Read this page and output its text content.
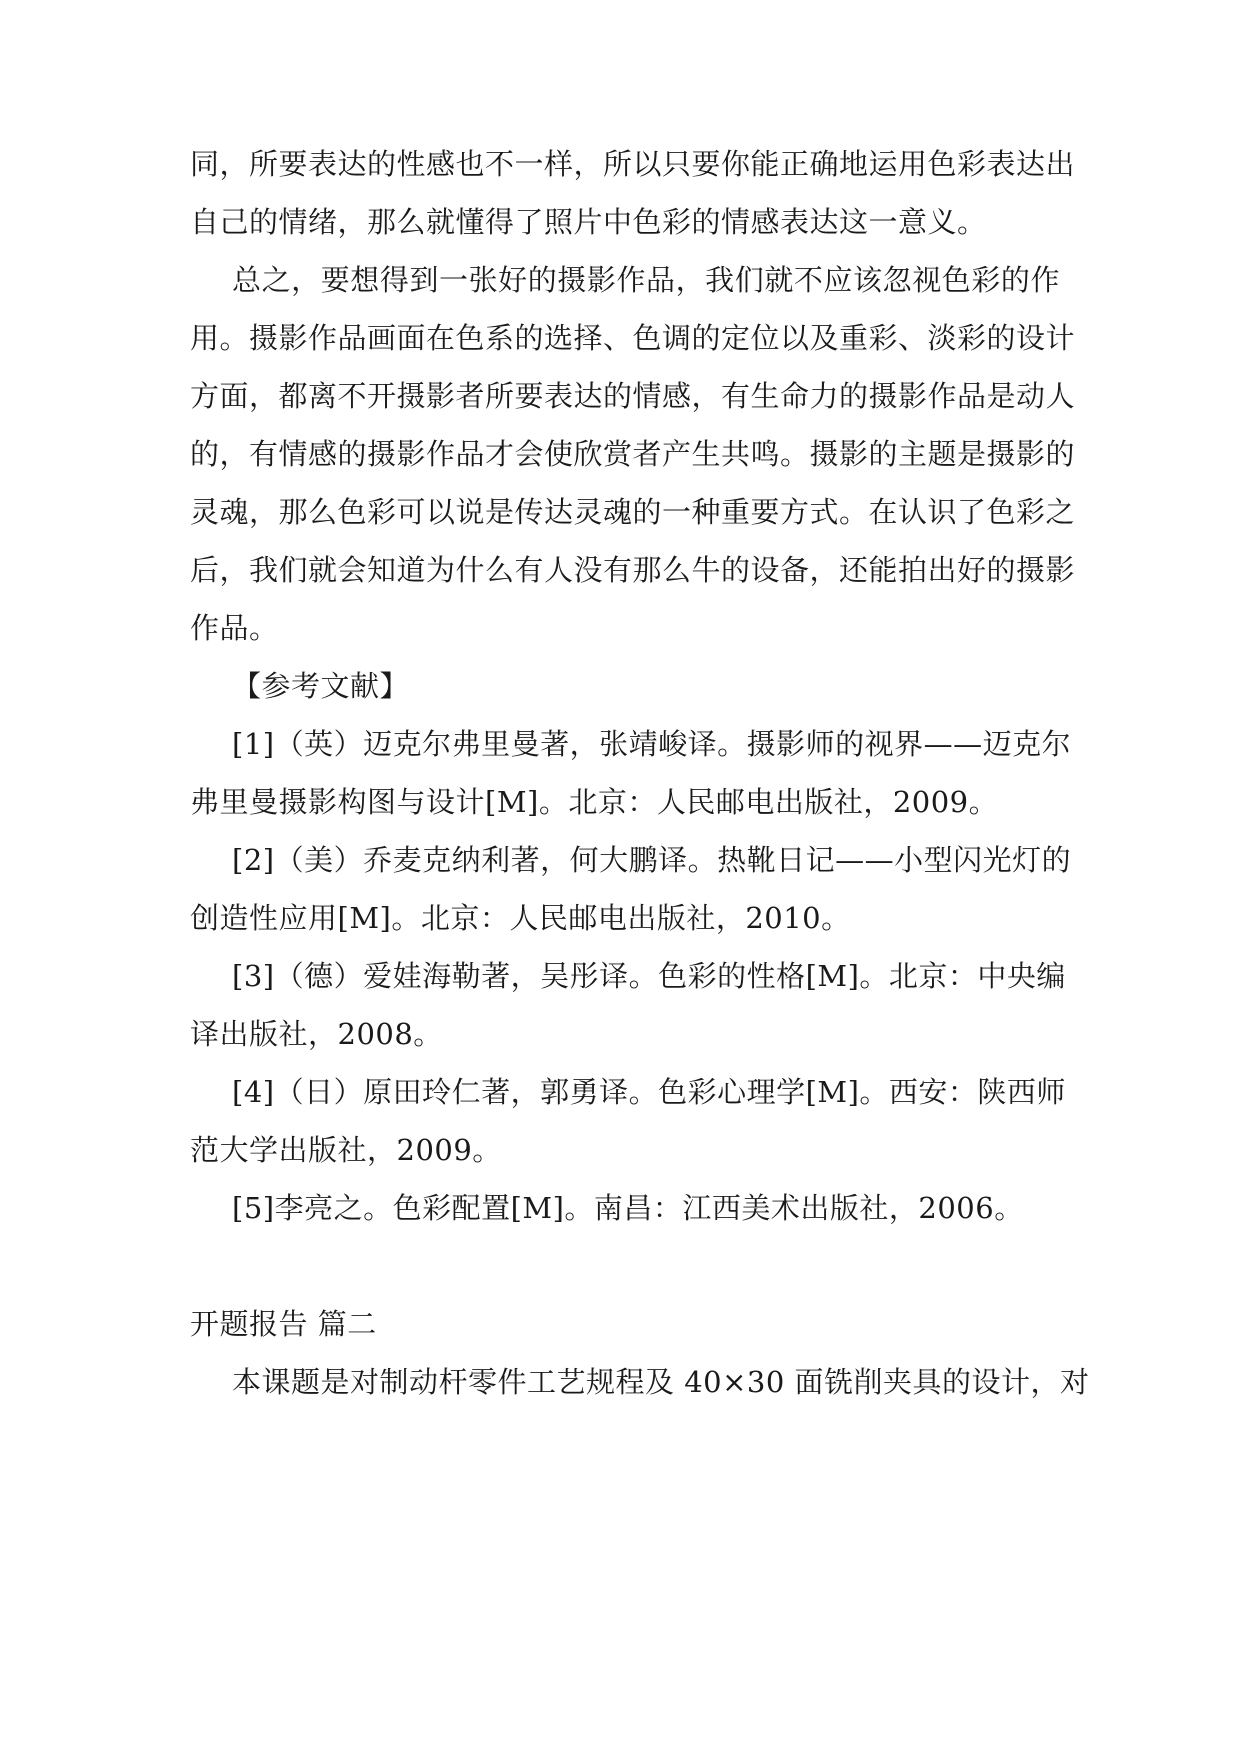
同，所要表达的性感也不一样，所以只要你能正确地运用色彩表达出
自己的情绪，那么就懂得了照片中色彩的情感表达这一意义。
总之，要想得到一张好的摄影作品，我们就不应该忽视色彩的作
用。摄影作品画面在色系的选择、色调的定位以及重彩、淡彩的设计
方面，都离不开摄影者所要表达的情感，有生命力的摄影作品是动人
的，有情感的摄影作品才会使欣赏者产生共鸣。摄影的主题是摄影的
灵魂，那么色彩可以说是传达灵魂的一种重要方式。在认识了色彩之
后，我们就会知道为什么有人没有那么牛的设备，还能拍出好的摄影
作品。
【参考文献】
[1]（英）迈克尔弗里曼著，张靖峻译。摄影师的视界——迈克尔
弗里曼摄影构图与设计[M]。北京：人民邮电出版社，2009。
[2]（美）乔麦克纳利著，何大鹏译。热靴日记——小型闪光灯的
创造性应用[M]。北京：人民邮电出版社，2010。
[3]（德）爱娃海勒著，吴彤译。色彩的性格[M]。北京：中央编
译出版社，2008。
[4]（日）原田玲仁著，郭勇译。色彩心理学[M]。西安：陕西师
范大学出版社，2009。
[5]李亮之。色彩配置[M]。南昌：江西美术出版社，2006。
开题报告 篇二
本课题是对制动杆零件工艺规程及 40×30 面铣削夹具的设计，对
